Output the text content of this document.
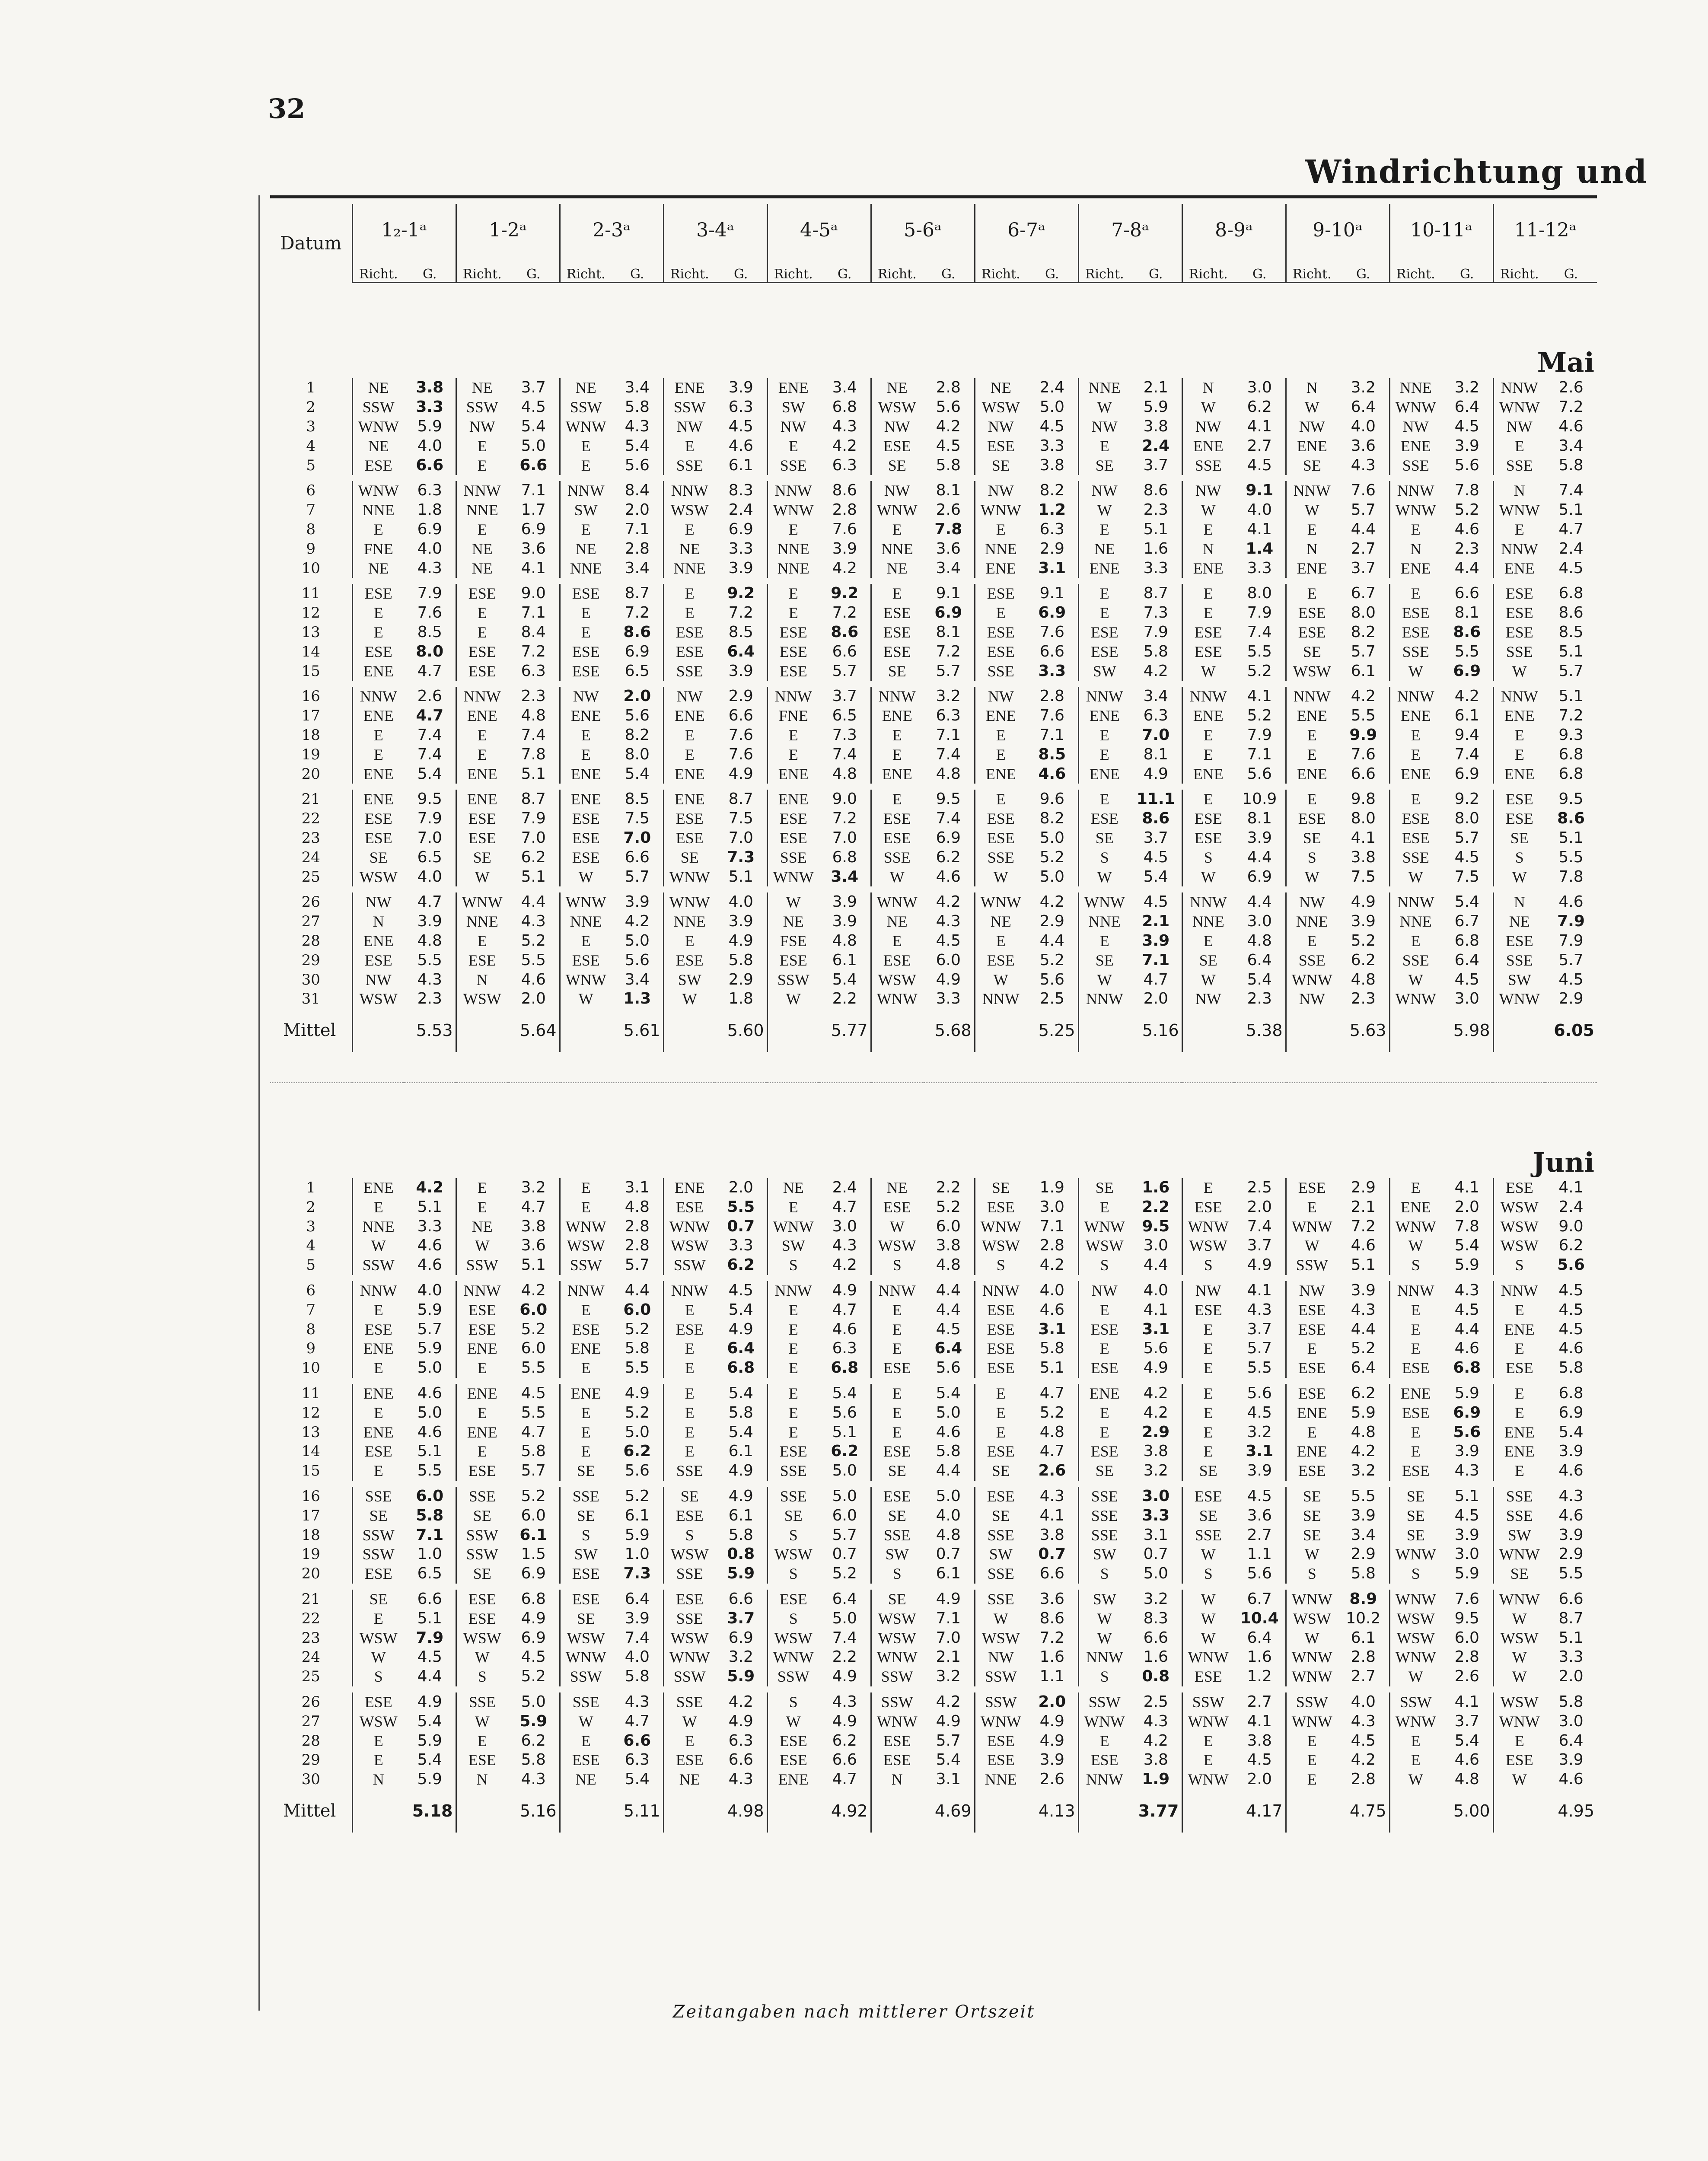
32
Windrichtung und
Datum	1₂-1ᵃ		1-2ᵃ		2-3ᵃ		3-4ᵃ		4-5ᵃ		5-6ᵃ		6-7ᵃ		7-8ᵃ		8-9ᵃ		9-10ᵃ		10-11ᵃ		11-12ᵃ	
	Richt.	G.	Richt.	G.	Richt.	G.	Richt.	G.	Richt.	G.	Richt.	G.	Richt.	G.	Richt.	G.	Richt.	G.	Richt.	G.	Richt.	G.	Richt.	G.
Mai																								
1	NE	3.8	NE	3.7	NE	3.4	ENE	3.9	ENE	3.4	NE	2.8	NE	2.4	NNE	2.1	N	3.0	N	3.2	NNE	3.2	NNW	2.6
2	SSW	3.3	SSW	4.5	SSW	5.8	SSW	6.3	SW	6.8	WSW	5.6	WSW	5.0	W	5.9	W	6.2	W	6.4	WNW	6.4	WNW	7.2
3	WNW	5.9	NW	5.4	WNW	4.3	NW	4.5	NW	4.3	NW	4.2	NW	4.5	NW	3.8	NW	4.1	NW	4.0	NW	4.5	NW	4.6
4	NE	4.0	E	5.0	E	5.4	E	4.6	E	4.2	ESE	4.5	ESE	3.3	E	2.4	ENE	2.7	ENE	3.6	ENE	3.9	E	3.4
5	ESE	6.6	E	6.6	E	5.6	SSE	6.1	SSE	6.3	SE	5.8	SE	3.8	SE	3.7	SSE	4.5	SE	4.3	SSE	5.6	SSE	5.8

6	WNW	6.3	NNW	7.1	NNW	8.4	NNW	8.3	NNW	8.6	NW	8.1	NW	8.2	NW	8.6	NW	9.1	NNW	7.6	NNW	7.8	N	7.4
7	NNE	1.8	NNE	1.7	SW	2.0	WSW	2.4	WNW	2.8	WNW	2.6	WNW	1.2	W	2.3	W	4.0	W	5.7	WNW	5.2	WNW	5.1
8	E	6.9	E	6.9	E	7.1	E	6.9	E	7.6	E	7.8	E	6.3	E	5.1	E	4.1	E	4.4	E	4.6	E	4.7
9	FNE	4.0	NE	3.6	NE	2.8	NE	3.3	NNE	3.9	NNE	3.6	NNE	2.9	NE	1.6	N	1.4	N	2.7	N	2.3	NNW	2.4
10	NE	4.3	NE	4.1	NNE	3.4	NNE	3.9	NNE	4.2	NE	3.4	ENE	3.1	ENE	3.3	ENE	3.3	ENE	3.7	ENE	4.4	ENE	4.5

11	ESE	7.9	ESE	9.0	ESE	8.7	E	9.2	E	9.2	E	9.1	ESE	9.1	E	8.7	E	8.0	E	6.7	E	6.6	ESE	6.8
12	E	7.6	E	7.1	E	7.2	E	7.2	E	7.2	ESE	6.9	E	6.9	E	7.3	E	7.9	ESE	8.0	ESE	8.1	ESE	8.6
13	E	8.5	E	8.4	E	8.6	ESE	8.5	ESE	8.6	ESE	8.1	ESE	7.6	ESE	7.9	ESE	7.4	ESE	8.2	ESE	8.6	ESE	8.5
14	ESE	8.0	ESE	7.2	ESE	6.9	ESE	6.4	ESE	6.6	ESE	7.2	ESE	6.6	ESE	5.8	ESE	5.5	SE	5.7	SSE	5.5	SSE	5.1
15	ENE	4.7	ESE	6.3	ESE	6.5	SSE	3.9	ESE	5.7	SE	5.7	SSE	3.3	SW	4.2	W	5.2	WSW	6.1	W	6.9	W	5.7

16	NNW	2.6	NNW	2.3	NW	2.0	NW	2.9	NNW	3.7	NNW	3.2	NW	2.8	NNW	3.4	NNW	4.1	NNW	4.2	NNW	4.2	NNW	5.1
17	ENE	4.7	ENE	4.8	ENE	5.6	ENE	6.6	FNE	6.5	ENE	6.3	ENE	7.6	ENE	6.3	ENE	5.2	ENE	5.5	ENE	6.1	ENE	7.2
18	E	7.4	E	7.4	E	8.2	E	7.6	E	7.3	E	7.1	E	7.1	E	7.0	E	7.9	E	9.9	E	9.4	E	9.3
19	E	7.4	E	7.8	E	8.0	E	7.6	E	7.4	E	7.4	E	8.5	E	8.1	E	7.1	E	7.6	E	7.4	E	6.8
20	ENE	5.4	ENE	5.1	ENE	5.4	ENE	4.9	ENE	4.8	ENE	4.8	ENE	4.6	ENE	4.9	ENE	5.6	ENE	6.6	ENE	6.9	ENE	6.8

21	ENE	9.5	ENE	8.7	ENE	8.5	ENE	8.7	ENE	9.0	E	9.5	E	9.6	E	11.1	E	10.9	E	9.8	E	9.2	ESE	9.5
22	ESE	7.9	ESE	7.9	ESE	7.5	ESE	7.5	ESE	7.2	ESE	7.4	ESE	8.2	ESE	8.6	ESE	8.1	ESE	8.0	ESE	8.0	ESE	8.6
23	ESE	7.0	ESE	7.0	ESE	7.0	ESE	7.0	ESE	7.0	ESE	6.9	ESE	5.0	SE	3.7	ESE	3.9	SE	4.1	ESE	5.7	SE	5.1
24	SE	6.5	SE	6.2	ESE	6.6	SE	7.3	SSE	6.8	SSE	6.2	SSE	5.2	S	4.5	S	4.4	S	3.8	SSE	4.5	S	5.5
25	WSW	4.0	W	5.1	W	5.7	WNW	5.1	WNW	3.4	W	4.6	W	5.0	W	5.4	W	6.9	W	7.5	W	7.5	W	7.8

26	NW	4.7	WNW	4.4	WNW	3.9	WNW	4.0	W	3.9	WNW	4.2	WNW	4.2	WNW	4.5	NNW	4.4	NW	4.9	NNW	5.4	N	4.6
27	N	3.9	NNE	4.3	NNE	4.2	NNE	3.9	NE	3.9	NE	4.3	NE	2.9	NNE	2.1	NNE	3.0	NNE	3.9	NNE	6.7	NE	7.9
28	ENE	4.8	E	5.2	E	5.0	E	4.9	FSE	4.8	E	4.5	E	4.4	E	3.9	E	4.8	E	5.2	E	6.8	ESE	7.9
29	ESE	5.5	ESE	5.5	ESE	5.6	ESE	5.8	ESE	6.1	ESE	6.0	ESE	5.2	SE	7.1	SE	6.4	SSE	6.2	SSE	6.4	SSE	5.7
30	NW	4.3	N	4.6	WNW	3.4	SW	2.9	SSW	5.4	WSW	4.9	W	5.6	W	4.7	W	5.4	WNW	4.8	W	4.5	SW	4.5
31	WSW	2.3	WSW	2.0	W	1.3	W	1.8	W	2.2	WNW	3.3	NNW	2.5	NNW	2.0	NW	2.3	NW	2.3	WNW	3.0	WNW	2.9
Mittel		5.53		5.64		5.61		5.60		5.77		5.68		5.25		5.16		5.38		5.63		5.98		6.05

Juni																								
1	ENE	4.2	E	3.2	E	3.1	ENE	2.0	NE	2.4	NE	2.2	SE	1.9	SE	1.6	E	2.5	ESE	2.9	E	4.1	ESE	4.1
2	E	5.1	E	4.7	E	4.8	ESE	5.5	E	4.7	ESE	5.2	ESE	3.0	E	2.2	ESE	2.0	E	2.1	ENE	2.0	WSW	2.4
3	NNE	3.3	NE	3.8	WNW	2.8	WNW	0.7	WNW	3.0	W	6.0	WNW	7.1	WNW	9.5	WNW	7.4	WNW	7.2	WNW	7.8	WSW	9.0
4	W	4.6	W	3.6	WSW	2.8	WSW	3.3	SW	4.3	WSW	3.8	WSW	2.8	WSW	3.0	WSW	3.7	W	4.6	W	5.4	WSW	6.2
5	SSW	4.6	SSW	5.1	SSW	5.7	SSW	6.2	S	4.2	S	4.8	S	4.2	S	4.4	S	4.9	SSW	5.1	S	5.9	S	5.6

6	NNW	4.0	NNW	4.2	NNW	4.4	NNW	4.5	NNW	4.9	NNW	4.4	NNW	4.0	NW	4.0	NW	4.1	NW	3.9	NNW	4.3	NNW	4.5
7	E	5.9	ESE	6.0	E	6.0	E	5.4	E	4.7	E	4.4	ESE	4.6	E	4.1	ESE	4.3	ESE	4.3	E	4.5	E	4.5
8	ESE	5.7	ESE	5.2	ESE	5.2	ESE	4.9	E	4.6	E	4.5	ESE	3.1	ESE	3.1	E	3.7	ESE	4.4	E	4.4	ENE	4.5
9	ENE	5.9	ENE	6.0	ENE	5.8	E	6.4	E	6.3	E	6.4	ESE	5.8	E	5.6	E	5.7	E	5.2	E	4.6	E	4.6
10	E	5.0	E	5.5	E	5.5	E	6.8	E	6.8	ESE	5.6	ESE	5.1	ESE	4.9	E	5.5	ESE	6.4	ESE	6.8	ESE	5.8

11	ENE	4.6	ENE	4.5	ENE	4.9	E	5.4	E	5.4	E	5.4	E	4.7	ENE	4.2	E	5.6	ESE	6.2	ENE	5.9	E	6.8
12	E	5.0	E	5.5	E	5.2	E	5.8	E	5.6	E	5.0	E	5.2	E	4.2	E	4.5	ENE	5.9	ESE	6.9	E	6.9
13	ENE	4.6	ENE	4.7	E	5.0	E	5.4	E	5.1	E	4.6	E	4.8	E	2.9	E	3.2	E	4.8	E	5.6	ENE	5.4
14	ESE	5.1	E	5.8	E	6.2	E	6.1	ESE	6.2	ESE	5.8	ESE	4.7	ESE	3.8	E	3.1	ENE	4.2	E	3.9	ENE	3.9
15	E	5.5	ESE	5.7	SE	5.6	SSE	4.9	SSE	5.0	SE	4.4	SE	2.6	SE	3.2	SE	3.9	ESE	3.2	ESE	4.3	E	4.6

16	SSE	6.0	SSE	5.2	SSE	5.2	SE	4.9	SSE	5.0	ESE	5.0	ESE	4.3	SSE	3.0	ESE	4.5	SE	5.5	SE	5.1	SSE	4.3
17	SE	5.8	SE	6.0	SE	6.1	ESE	6.1	SE	6.0	SE	4.0	SE	4.1	SSE	3.3	SE	3.6	SE	3.9	SE	4.5	SSE	4.6
18	SSW	7.1	SSW	6.1	S	5.9	S	5.8	S	5.7	SSE	4.8	SSE	3.8	SSE	3.1	SSE	2.7	SE	3.4	SE	3.9	SW	3.9
19	SSW	1.0	SSW	1.5	SW	1.0	WSW	0.8	WSW	0.7	SW	0.7	SW	0.7	SW	0.7	W	1.1	W	2.9	WNW	3.0	WNW	2.9
20	ESE	6.5	SE	6.9	ESE	7.3	SSE	5.9	S	5.2	S	6.1	SSE	6.6	S	5.0	S	5.6	S	5.8	S	5.9	SE	5.5

21	SE	6.6	ESE	6.8	ESE	6.4	ESE	6.6	ESE	6.4	SE	4.9	SSE	3.6	SW	3.2	W	6.7	WNW	8.9	WNW	7.6	WNW	6.6
22	E	5.1	ESE	4.9	SE	3.9	SSE	3.7	S	5.0	WSW	7.1	W	8.6	W	8.3	W	10.4	WSW	10.2	WSW	9.5	W	8.7
23	WSW	7.9	WSW	6.9	WSW	7.4	WSW	6.9	WSW	7.4	WSW	7.0	WSW	7.2	W	6.6	W	6.4	W	6.1	WSW	6.0	WSW	5.1
24	W	4.5	W	4.5	WNW	4.0	WNW	3.2	WNW	2.2	WNW	2.1	NW	1.6	NNW	1.6	WNW	1.6	WNW	2.8	WNW	2.8	W	3.3
25	S	4.4	S	5.2	SSW	5.8	SSW	5.9	SSW	4.9	SSW	3.2	SSW	1.1	S	0.8	ESE	1.2	WNW	2.7	W	2.6	W	2.0

26	ESE	4.9	SSE	5.0	SSE	4.3	SSE	4.2	S	4.3	SSW	4.2	SSW	2.0	SSW	2.5	SSW	2.7	SSW	4.0	SSW	4.1	WSW	5.8
27	WSW	5.4	W	5.9	W	4.7	W	4.9	W	4.9	WNW	4.9	WNW	4.9	WNW	4.3	WNW	4.1	WNW	4.3	WNW	3.7	WNW	3.0
28	E	5.9	E	6.2	E	6.6	E	6.3	ESE	6.2	ESE	5.7	ESE	4.9	E	4.2	E	3.8	E	4.5	E	5.4	E	6.4
29	E	5.4	ESE	5.8	ESE	6.3	ESE	6.6	ESE	6.6	ESE	5.4	ESE	3.9	ESE	3.8	E	4.5	E	4.2	E	4.6	ESE	3.9
30	N	5.9	N	4.3	NE	5.4	NE	4.3	ENE	4.7	N	3.1	NNE	2.6	NNW	1.9	WNW	2.0	E	2.8	W	4.8	W	4.6
Mittel		5.18		5.16		5.11		4.98		4.92		4.69		4.13		3.77		4.17		4.75		5.00		4.95
Zeitangaben nach mittlerer Ortszeit
